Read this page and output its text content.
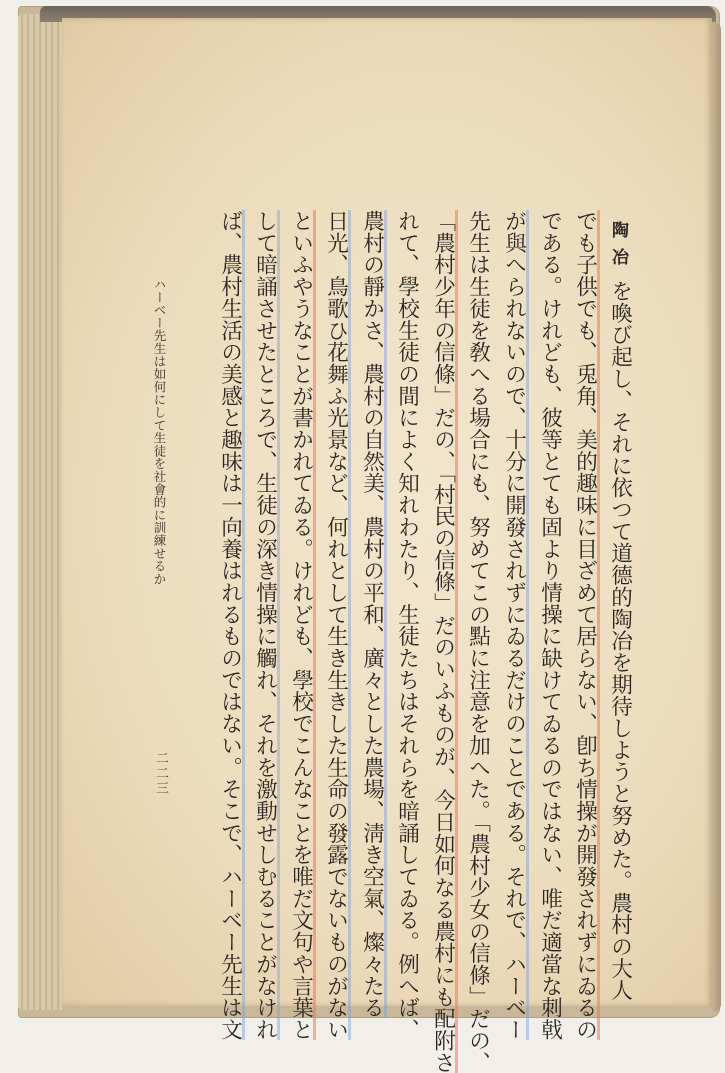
陶冶
を喚び起し、それに依つて道德的陶冶を期待しようと努めた。農村の大人
でも子供でも、兎角、美的趣味に目ざめて居らない、卽ち情操が開發されずにゐるの
である。けれども、彼等とても固より情操に缺けてゐるのではない、唯だ適當な刺戟
が與へられないので、十分に開發されずにゐるだけのことである。それで、ハーベー
先生は生徒を敎へる場合にも、努めてこの點に注意を加へた。「農村少女の信條」だの、
「農村少年の信條」だの、「村民の信條」だのいふものが、今日如何なる農村にも配附さ
れて、學校生徒の間によく知れわたり、生徒たちはそれらを暗誦してゐる。例へば、
農村の靜かさ、農村の自然美、農村の平和、廣々とした農場、淸き空氣、燦々たる
日光、鳥歌ひ花舞ふ光景など、何れとして生き生きした生命の發露でないものがない
といふやうなことが書かれてゐる。けれども、學校でこんなことを唯だ文句や言葉と
して暗誦させたところで、生徒の深き情操に觸れ、それを激動せしむることがなけれ
ば、農村生活の美感と趣味は一向養はれるものではない。そこで、ハーベー先生は文
ハーベー先生は如何にして生徒を社會的に訓練せるか
二二三
